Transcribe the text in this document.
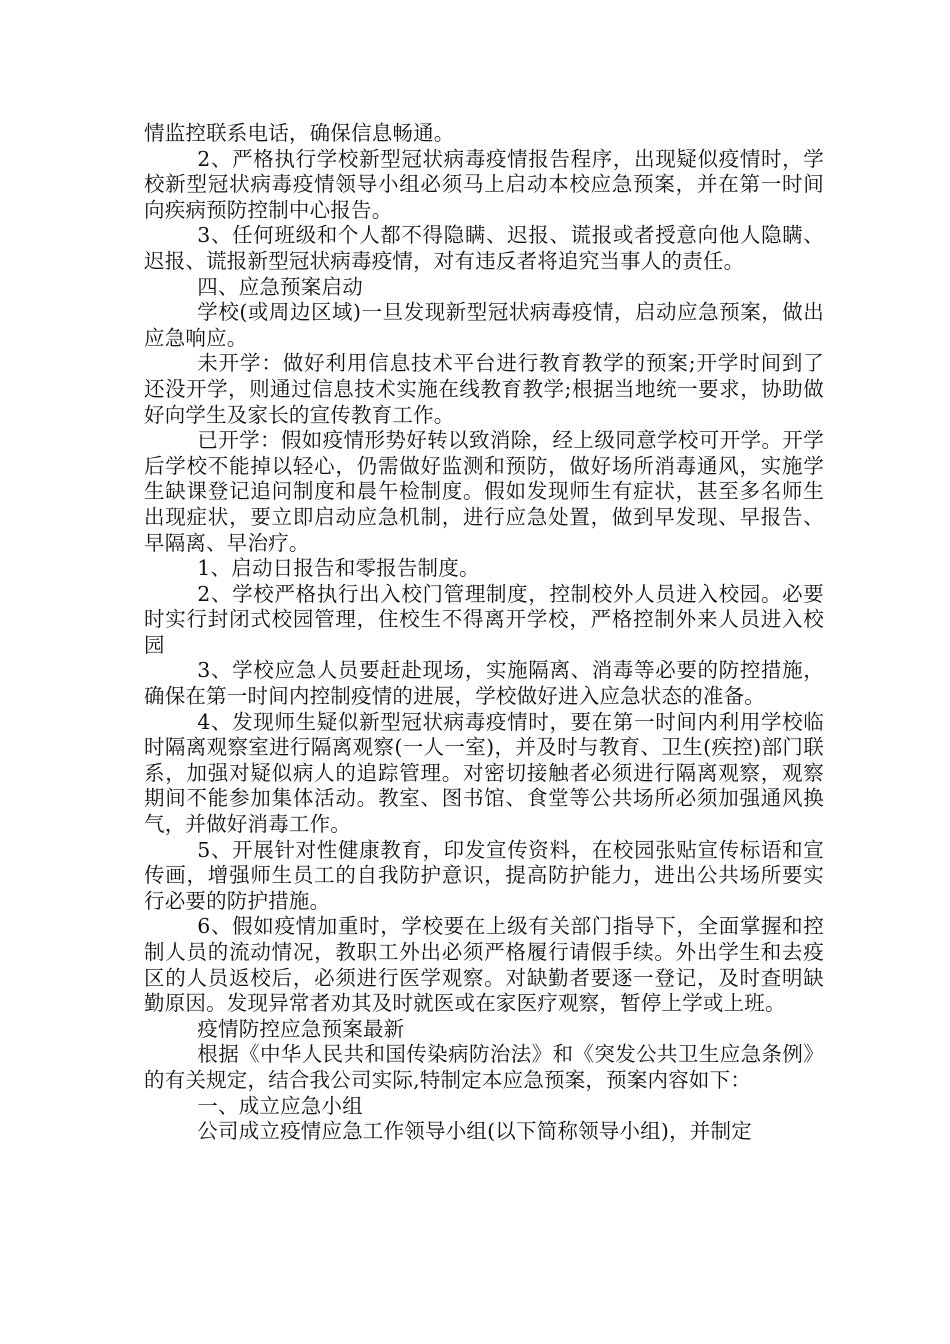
情监控联系电话，确保信息畅通。

2、严格执行学校新型冠状病毒疫情报告程序，出现疑似疫情时，学校新型冠状病毒疫情领导小组必须马上启动本校应急预案，并在第一时间向疾病预防控制中心报告。

3、任何班级和个人都不得隐瞒、迟报、谎报或者授意向他人隐瞒、迟报、谎报新型冠状病毒疫情，对有违反者将追究当事人的责任。

四、应急预案启动

学校(或周边区域)一旦发现新型冠状病毒疫情，启动应急预案，做出应急响应。

未开学：做好利用信息技术平台进行教育教学的预案;开学时间到了还没开学，则通过信息技术实施在线教育教学;根据当地统一要求，协助做好向学生及家长的宣传教育工作。

已开学：假如疫情形势好转以致消除，经上级同意学校可开学。开学后学校不能掉以轻心，仍需做好监测和预防，做好场所消毒通风，实施学生缺课登记追问制度和晨午检制度。假如发现师生有症状，甚至多名师生出现症状，要立即启动应急机制，进行应急处置，做到早发现、早报告、早隔离、早治疗。

1、启动日报告和零报告制度。

2、学校严格执行出入校门管理制度，控制校外人员进入校园。必要时实行封闭式校园管理，住校生不得离开学校，严格控制外来人员进入校园

3、学校应急人员要赶赴现场，实施隔离、消毒等必要的防控措施，确保在第一时间内控制疫情的进展，学校做好进入应急状态的准备。

4、发现师生疑似新型冠状病毒疫情时，要在第一时间内利用学校临时隔离观察室进行隔离观察(一人一室)，并及时与教育、卫生(疾控)部门联系，加强对疑似病人的追踪管理。对密切接触者必须进行隔离观察，观察期间不能参加集体活动。教室、图书馆、食堂等公共场所必须加强通风换气，并做好消毒工作。

5、开展针对性健康教育，印发宣传资料，在校园张贴宣传标语和宣传画，增强师生员工的自我防护意识，提高防护能力，进出公共场所要实行必要的防护措施。

6、假如疫情加重时，学校要在上级有关部门指导下，全面掌握和控制人员的流动情况，教职工外出必须严格履行请假手续。外出学生和去疫区的人员返校后，必须进行医学观察。对缺勤者要逐一登记，及时查明缺勤原因。发现异常者劝其及时就医或在家医疗观察，暂停上学或上班。

疫情防控应急预案最新

根据《中华人民共和国传染病防治法》和《突发公共卫生应急条例》的有关规定，结合我公司实际,特制定本应急预案，预案内容如下：

一、成立应急小组

公司成立疫情应急工作领导小组(以下简称领导小组)，并制定
